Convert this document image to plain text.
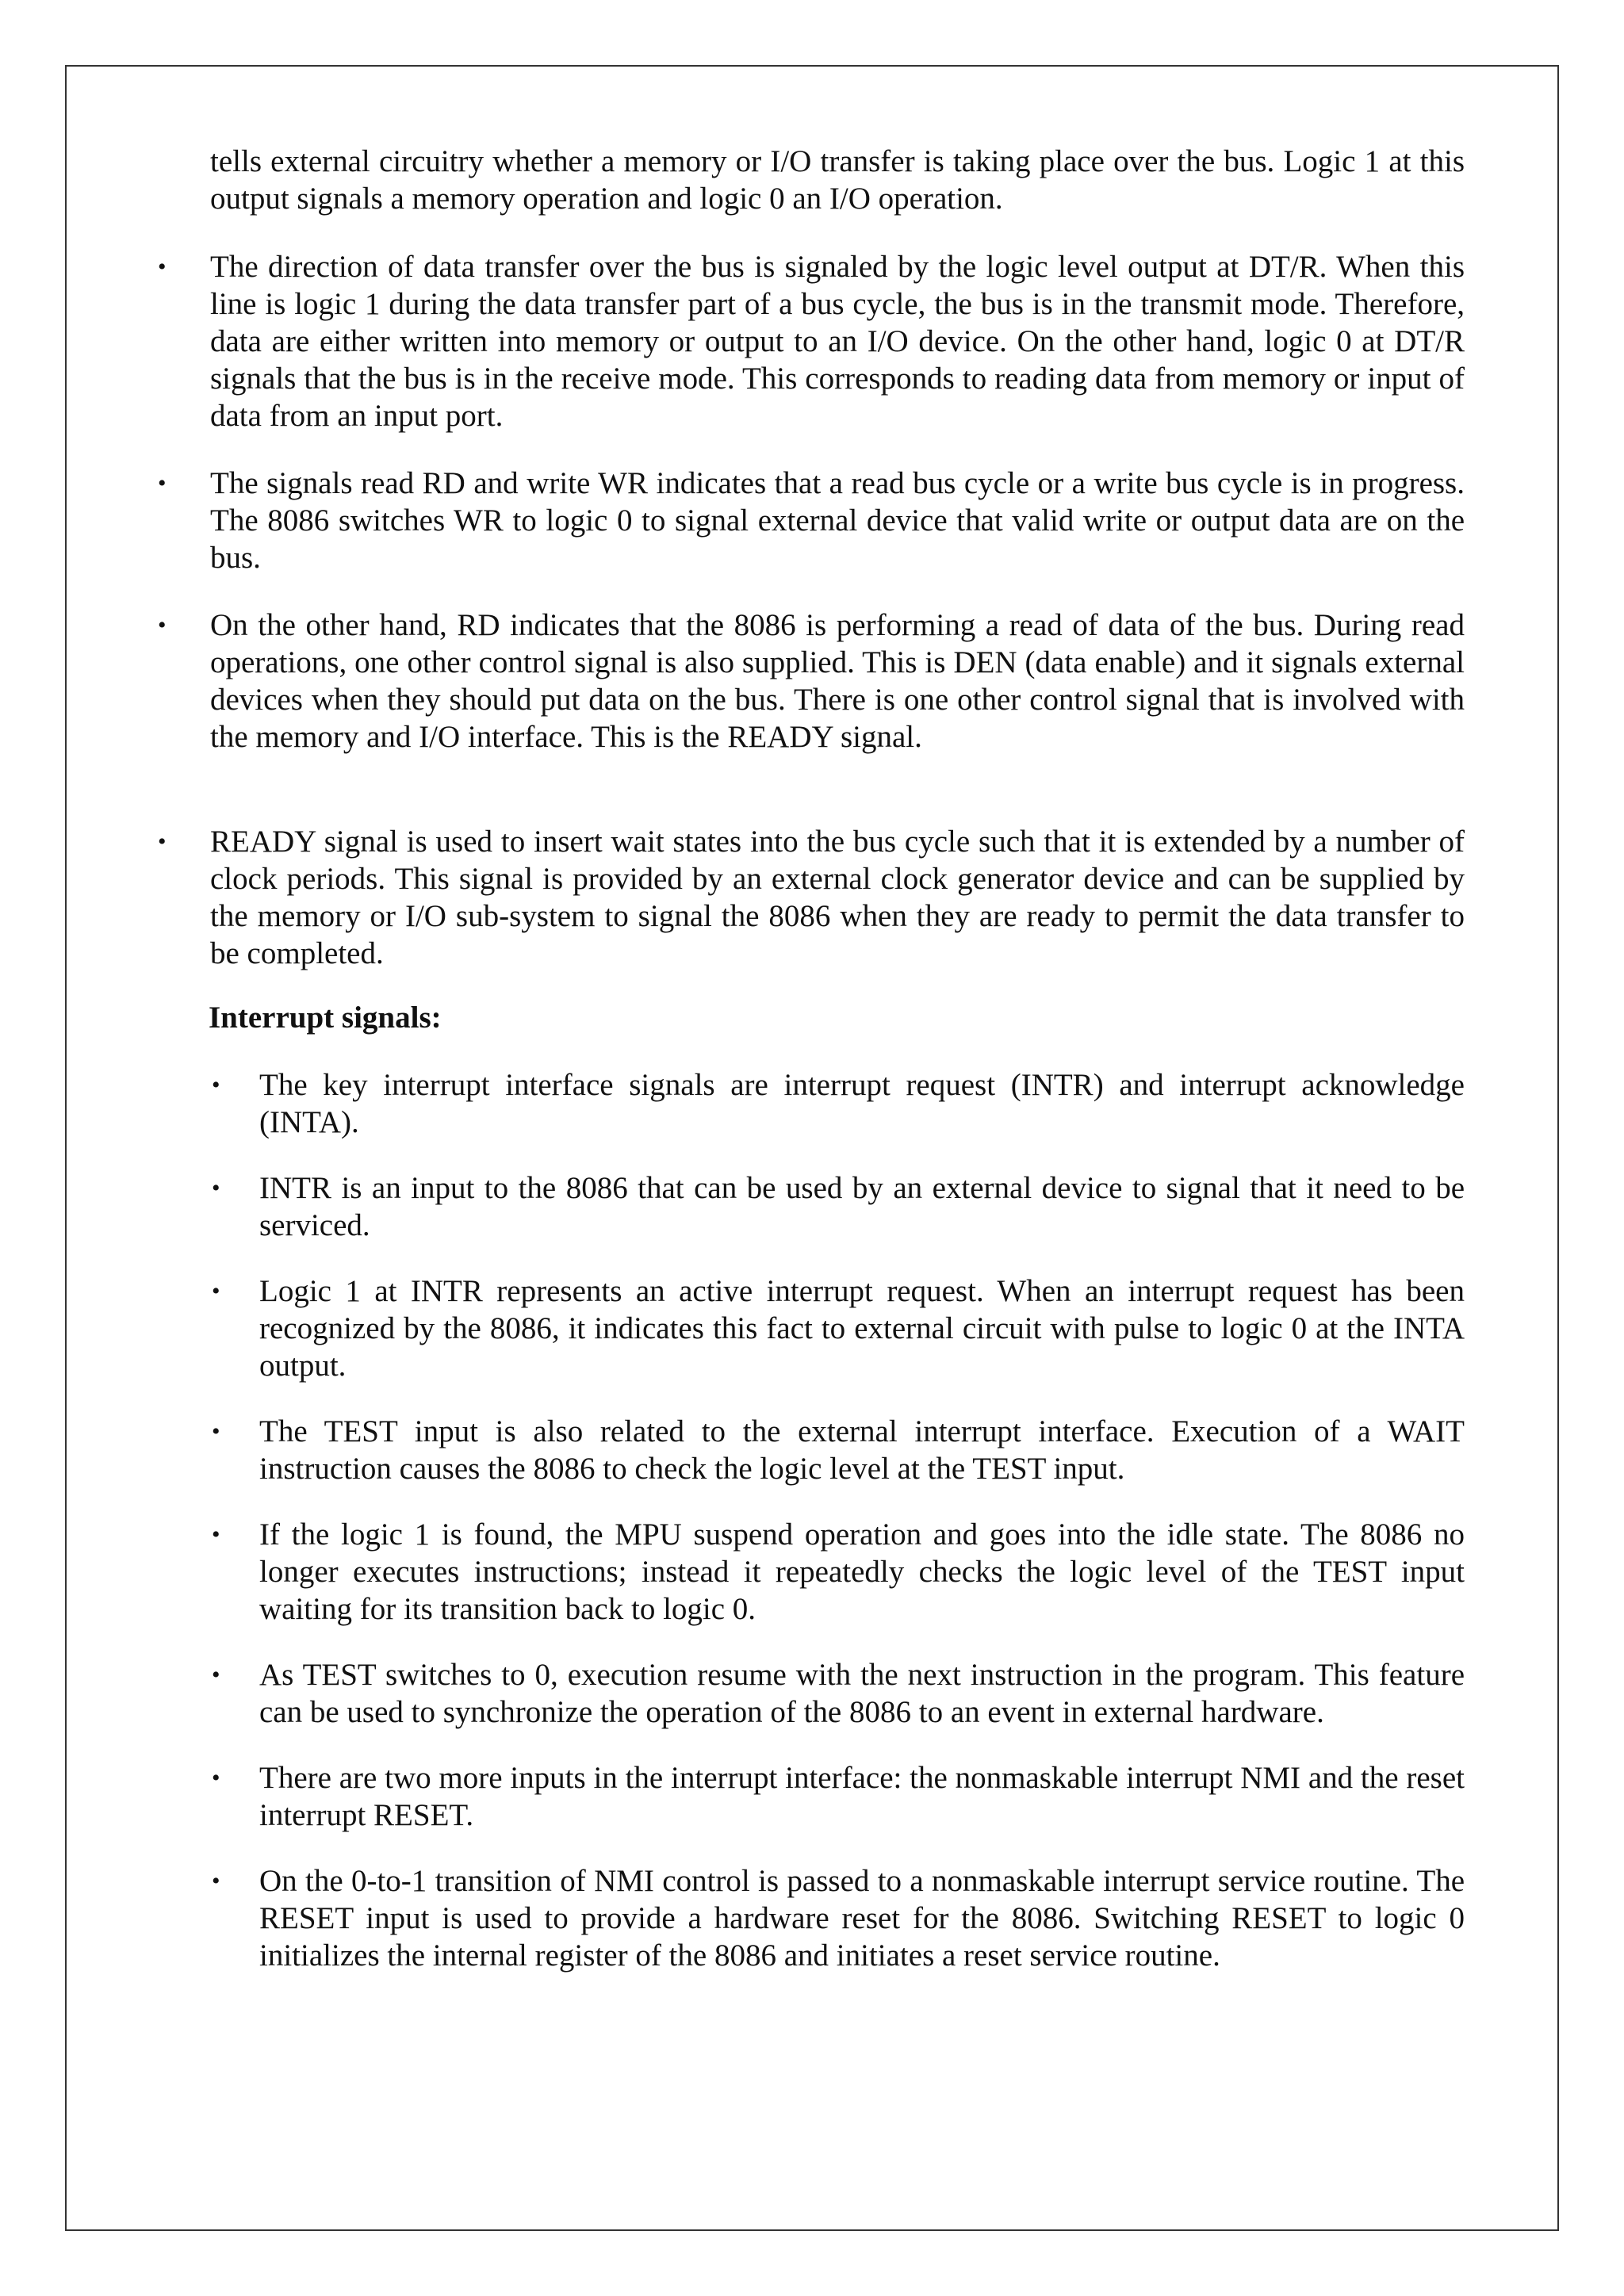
tells external circuitry whether a memory or I/O transfer is taking place over the bus. Logic 1 at this output signals a memory operation and logic 0 an I/O operation.

• The direction of data transfer over the bus is signaled by the logic level output at DT/R. When this line is logic 1 during the data transfer part of a bus cycle, the bus is in the transmit mode. Therefore, data are either written into memory or output to an I/O device. On the other hand, logic 0 at DT/R signals that the bus is in the receive mode. This corresponds to reading data from memory or input of data from an input port.

• The signals read RD and write WR indicates that a read bus cycle or a write bus cycle is in progress. The 8086 switches WR to logic 0 to signal external device that valid write or output data are on the bus.

• On the other hand, RD indicates that the 8086 is performing a read of data of the bus. During read operations, one other control signal is also supplied. This is DEN (data enable) and it signals external devices when they should put data on the bus. There is one other control signal that is involved with the memory and I/O interface. This is the READY signal.

• READY signal is used to insert wait states into the bus cycle such that it is extended by a number of clock periods. This signal is provided by an external clock generator device and can be supplied by the memory or I/O sub-system to signal the 8086 when they are ready to permit the data transfer to be completed.

Interrupt signals:

• The key interrupt interface signals are interrupt request (INTR) and interrupt acknowledge (INTA).

• INTR is an input to the 8086 that can be used by an external device to signal that it need to be serviced.

• Logic 1 at INTR represents an active interrupt request. When an interrupt request has been recognized by the 8086, it indicates this fact to external circuit with pulse to logic 0 at the INTA output.

• The TEST input is also related to the external interrupt interface. Execution of a WAIT instruction causes the 8086 to check the logic level at the TEST input.

• If the logic 1 is found, the MPU suspend operation and goes into the idle state. The 8086 no longer executes instructions; instead it repeatedly checks the logic level of the TEST input waiting for its transition back to logic 0.

• As TEST switches to 0, execution resume with the next instruction in the program. This feature can be used to synchronize the operation of the 8086 to an event in external hardware.

• There are two more inputs in the interrupt interface: the nonmaskable interrupt NMI and the reset interrupt RESET.

• On the 0-to-1 transition of NMI control is passed to a nonmaskable interrupt service routine. The RESET input is used to provide a hardware reset for the 8086. Switching RESET to logic 0 initializes the internal register of the 8086 and initiates a reset service routine.
